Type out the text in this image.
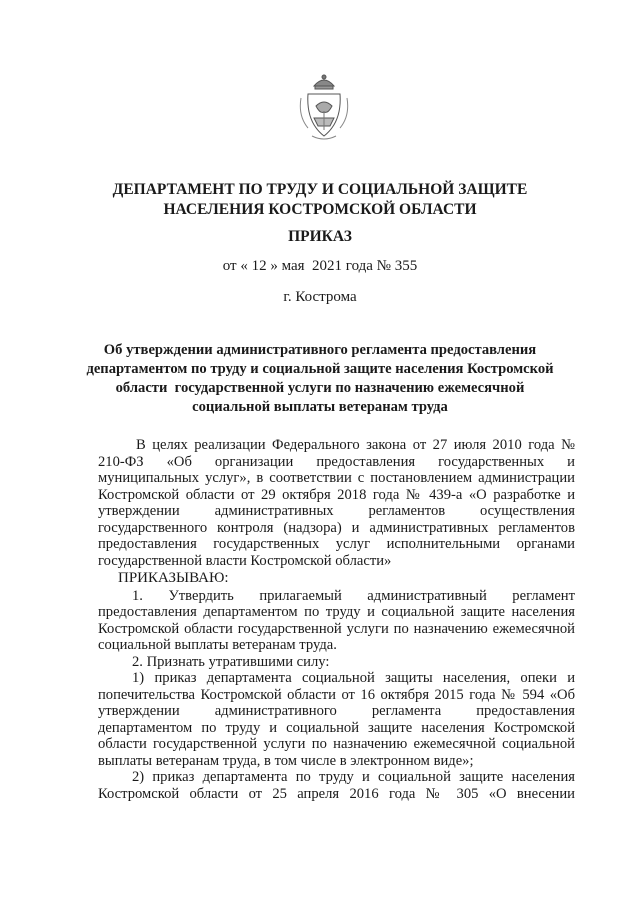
ДЕПАРТАМЕНТ ПО ТРУДУ И СОЦИАЛЬНОЙ ЗАЩИТЕ
НАСЕЛЕНИЯ КОСТРОМСКОЙ ОБЛАСТИ
ПРИКАЗ
от « 12 » мая  2021 года № 355
г. Кострома
Об утверждении административного регламента предоставления
департаментом по труду и социальной защите населения Костромской
области  государственной услуги по назначению ежемесячной
социальной выплаты ветеранам труда

В целях реализации Федерального закона от 27 июля 2010 года № 210-ФЗ «Об организации предоставления государственных и муниципальных услуг», в соответствии с постановлением администрации Костромской области от 29 октября 2018 года № 439-а «О разработке и утверждении административных регламентов осуществления государственного контроля (надзора) и административных регламентов предоставления государственных услуг исполнительными органами государственной власти Костромской области»

ПРИКАЗЫВАЮ:

1. Утвердить прилагаемый административный регламент предоставления департаментом по труду и социальной защите населения Костромской области государственной услуги по назначению ежемесячной социальной выплаты ветеранам труда.

2. Признать утратившими силу:

1) приказ департамента социальной защиты населения, опеки и попечительства Костромской области от 16 октября 2015 года № 594 «Об утверждении административного регламента предоставления департаментом по труду и социальной защите населения Костромской области государственной услуги по назначению ежемесячной социальной выплаты ветеранам труда, в том числе в электронном виде»;

2) приказ департамента по труду и социальной защите населения Костромской области от 25 апреля 2016 года № 305 «О внесении
